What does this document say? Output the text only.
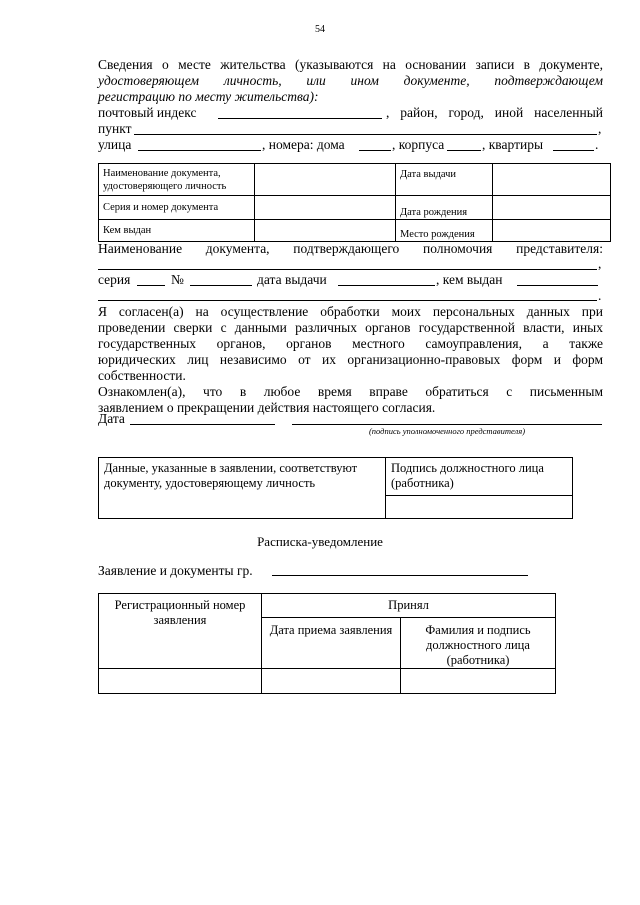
54
Сведения о месте жительства (указываются на основании записи в документе,
удостоверяющем личность, или ином документе, подтверждающем
регистрацию по месту жительства):
почтовый индекс	, район, город, иной населенный
пункт	,
улица	, номера: дома	, корпуса	, квартиры	.
Наименование документа, удостоверяющего личность		Дата выдачи	
Серия и номер документа		Дата рождения	
Кем выдан		Место рождения	
Наименование документа, подтверждающего полномочия представителя:
,
серия	№	дата выдачи	, кем выдан
.
Я согласен(а) на осуществление обработки моих персональных данных при
проведении сверки с данными различных органов государственной власти, иных
государственных органов, органов местного самоуправления, а также
юридических лиц независимо от их организационно-правовых форм и форм
собственности.
Ознакомлен(а), что в любое время вправе обратиться с письменным
заявлением о прекращении действия настоящего согласия.
Дата
(подпись уполномоченного представителя)
Данные, указанные в заявлении, соответствуют документу, удостоверяющему личность	Подпись должностного лица (работника)

Расписка-уведомление
Заявление и документы гр.
Регистрационный номер заявления	Принял	
	Дата приема заявления	Фамилия и подпись должностного лица (работника)
